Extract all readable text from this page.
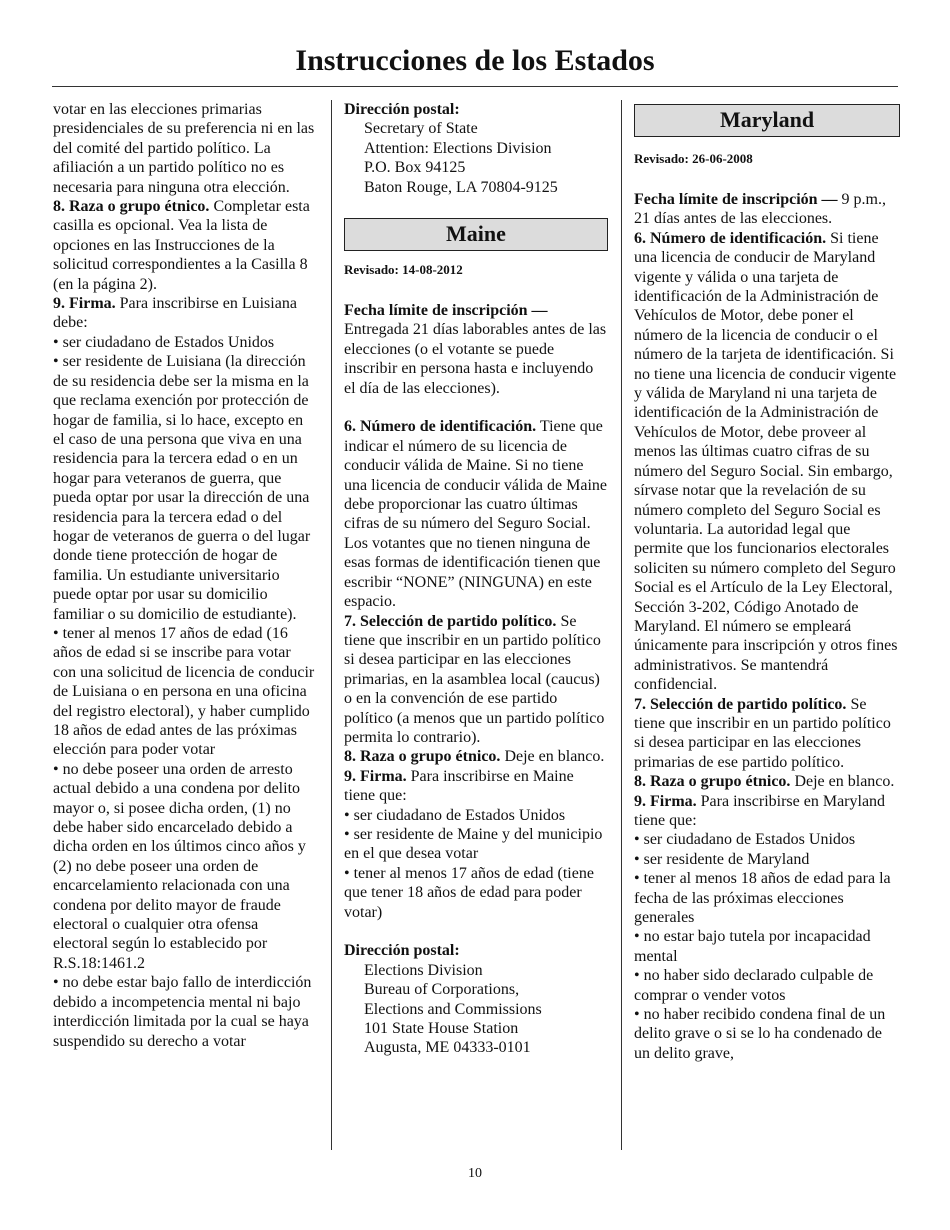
Instrucciones de los Estados

votar en las elecciones primarias presidenciales de su preferencia ni en las del comité del partido político. La afiliación a un partido político no es necesaria para ninguna otra elección.

8. Raza o grupo étnico. Completar esta casilla es opcional. Vea la lista de opciones en las Instrucciones de la solicitud correspondientes a la Casilla 8 (en la página 2).

9. Firma. Para inscribirse en Luisiana debe:

• ser ciudadano de Estados Unidos

• ser residente de Luisiana (la dirección de su residencia debe ser la misma en la que reclama exención por protección de hogar de familia, si lo hace, excepto en el caso de una persona que viva en una residencia para la tercera edad o en un hogar para veteranos de guerra, que pueda optar por usar la dirección de una residencia para la tercera edad o del hogar de veteranos de guerra o del lugar donde tiene protección de hogar de familia. Un estudiante universitario puede optar por usar su domicilio familiar o su domicilio de estudiante).

• tener al menos 17 años de edad (16 años de edad si se inscribe para votar con una solicitud de licencia de conducir de Luisiana o en persona en una oficina del registro electoral), y haber cumplido 18 años de edad antes de las próximas elección para poder votar

• no debe poseer una orden de arresto actual debido a una condena por delito mayor o, si posee dicha orden, (1) no debe haber sido encarcelado debido a dicha orden en los últimos cinco años y (2) no debe poseer una orden de encarcelamiento relacionada con una condena por delito mayor de fraude electoral o cualquier otra ofensa electoral según lo establecido por R.S.18:1461.2

• no debe estar bajo fallo de interdicción debido a incompetencia mental ni bajo interdicción limitada por la cual se haya suspendido su derecho a votar

Dirección postal:

Secretary of State

Attention: Elections Division

P.O. Box 94125

Baton Rouge, LA 70804-9125

Maine

Revisado: 14-08-2012

Fecha límite de inscripción — Entregada 21 días laborables antes de las elecciones (o el votante se puede inscribir en persona hasta e incluyendo el día de las elecciones).

6. Número de identificación. Tiene que indicar el número de su licencia de conducir válida de Maine. Si no tiene una licencia de conducir válida de Maine debe proporcionar las cuatro últimas cifras de su número del Seguro Social. Los votantes que no tienen ninguna de esas formas de identificación tienen que escribir “NONE” (NINGUNA) en este espacio.

7. Selección de partido político. Se tiene que inscribir en un partido político si desea participar en las elecciones primarias, en la asamblea local (caucus) o en la convención de ese partido político (a menos que un partido político permita lo contrario).

8. Raza o grupo étnico. Deje en blanco.

9. Firma. Para inscribirse en Maine tiene que:

• ser ciudadano de Estados Unidos

• ser residente de Maine y del municipio en el que desea votar

• tener al menos 17 años de edad (tiene que tener 18 años de edad para poder votar)

Dirección postal:

Elections Division

Bureau of Corporations,

Elections and Commissions

101 State House Station

Augusta, ME 04333-0101

Maryland

Revisado: 26-06-2008

Fecha límite de inscripción — 9 p.m., 21 días antes de las elecciones.

6. Número de identificación. Si tiene una licencia de conducir de Maryland vigente y válida o una tarjeta de identificación de la Administración de Vehículos de Motor, debe poner el número de la licencia de conducir o el número de la tarjeta de identificación. Si no tiene una licencia de conducir vigente y válida de Maryland ni una tarjeta de identificación de la Administración de Vehículos de Motor, debe proveer al menos las últimas cuatro cifras de su número del Seguro Social. Sin embargo, sírvase notar que la revelación de su número completo del Seguro Social es voluntaria. La autoridad legal que permite que los funcionarios electorales soliciten su número completo del Seguro Social es el Artículo de la Ley Electoral, Sección 3-202, Código Anotado de Maryland. El número se empleará únicamente para inscripción y otros fines administrativos. Se mantendrá confidencial.

7. Selección de partido político. Se tiene que inscribir en un partido político si desea participar en las elecciones primarias de ese partido político.

8. Raza o grupo étnico. Deje en blanco.

9. Firma. Para inscribirse en Maryland tiene que:

• ser ciudadano de Estados Unidos

• ser residente de Maryland

• tener al menos 18 años de edad para la fecha de las próximas elecciones generales

• no estar bajo tutela por incapacidad mental

• no haber sido declarado culpable de comprar o vender votos

• no haber recibido condena final de un delito grave o si se lo ha condenado de un delito grave,

10
